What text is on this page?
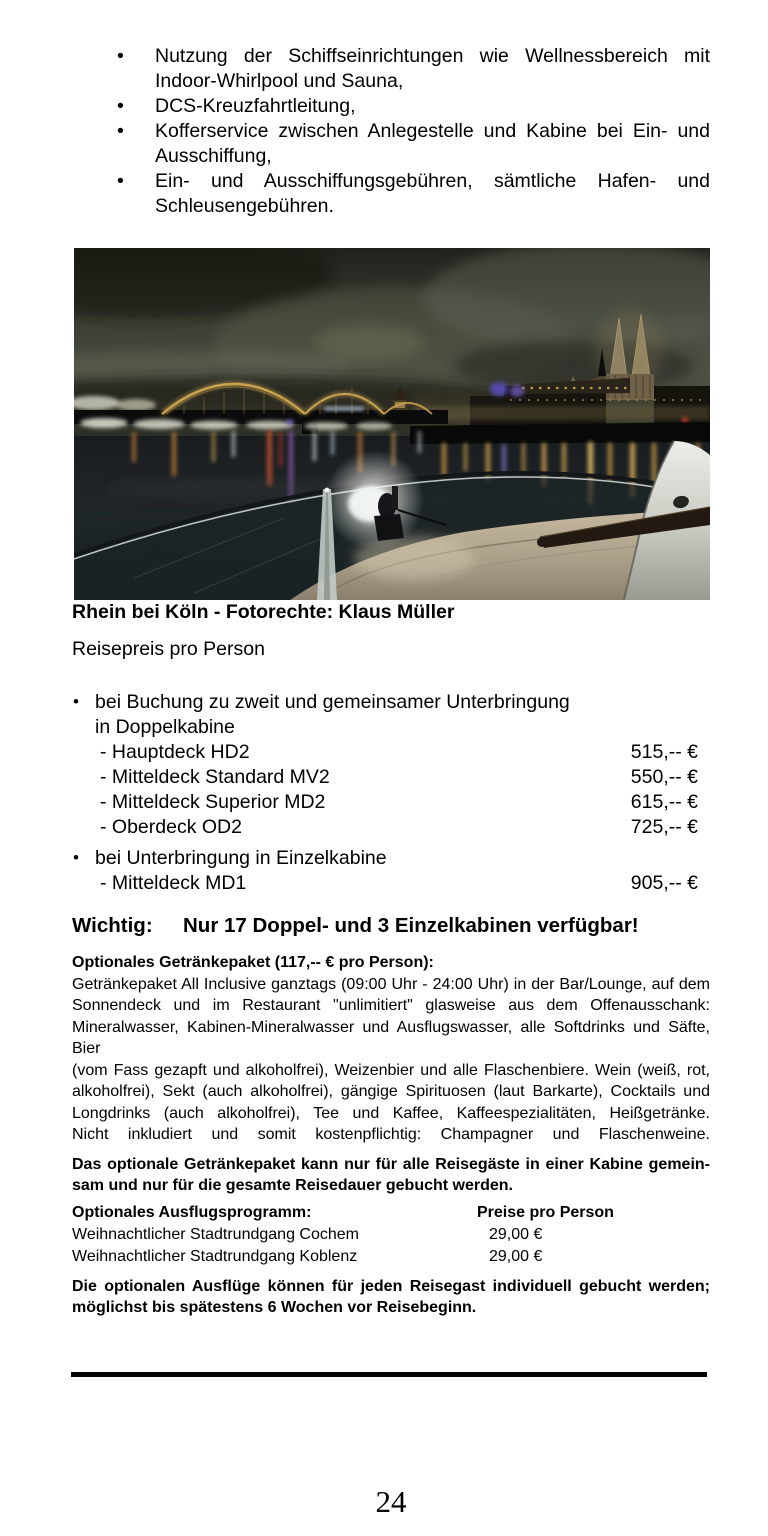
• Nutzung der Schiffseinrichtungen wie Wellnessbereich mit Indoor-Whirlpool und Sauna,
• DCS-Kreuzfahrtleitung,
• Kofferservice zwischen Anlegestelle und Kabine bei Ein- und Ausschiffung,
• Ein- und Ausschiffungsgebühren, sämtliche Hafen- und Schleusengebühren.
Rhein bei Köln - Fotorechte: Klaus Müller
Reisepreis pro Person
• bei Buchung zu zweit und gemeinsamer Unterbringung
in Doppelkabine
- Hauptdeck HD2	515,-- €
- Mitteldeck Standard MV2	550,-- €
- Mitteldeck Superior MD2	615,-- €
- Oberdeck OD2	725,-- €
• bei Unterbringung in Einzelkabine
- Mitteldeck MD1	905,-- €
Wichtig:	Nur 17 Doppel- und 3 Einzelkabinen verfügbar!
Optionales Getränkepaket (117,-- € pro Person):
Getränkepaket All Inclusive ganztags (09:00 Uhr - 24:00 Uhr) in der Bar/Lounge, auf dem
Sonnendeck und im Restaurant "unlimitiert" glasweise aus dem Offenausschank:
Mineralwasser, Kabinen-Mineralwasser und Ausflugswasser, alle Softdrinks und Säfte, Bier
(vom Fass gezapft und alkoholfrei), Weizenbier und alle Flaschenbiere. Wein (weiß, rot,
alkoholfrei), Sekt (auch alkoholfrei), gängige Spirituosen (laut Barkarte), Cocktails und
Longdrinks (auch alkoholfrei), Tee und Kaffee, Kaffeespezialitäten, Heißgetränke.
Nicht inkludiert und somit kostenpflichtig: Champagner und Flaschenweine.
Das optionale Getränkepaket kann nur für alle Reisegäste in einer Kabine gemein-
sam und nur für die gesamte Reisedauer gebucht werden.
Optionales Ausflugsprogramm:	Preise pro Person
Weihnachtlicher Stadtrundgang Cochem	29,00 €
Weihnachtlicher Stadtrundgang Koblenz	29,00 €
Die optionalen Ausflüge können für jeden Reisegast individuell gebucht werden;
möglichst bis spätestens 6 Wochen vor Reisebeginn.
24
